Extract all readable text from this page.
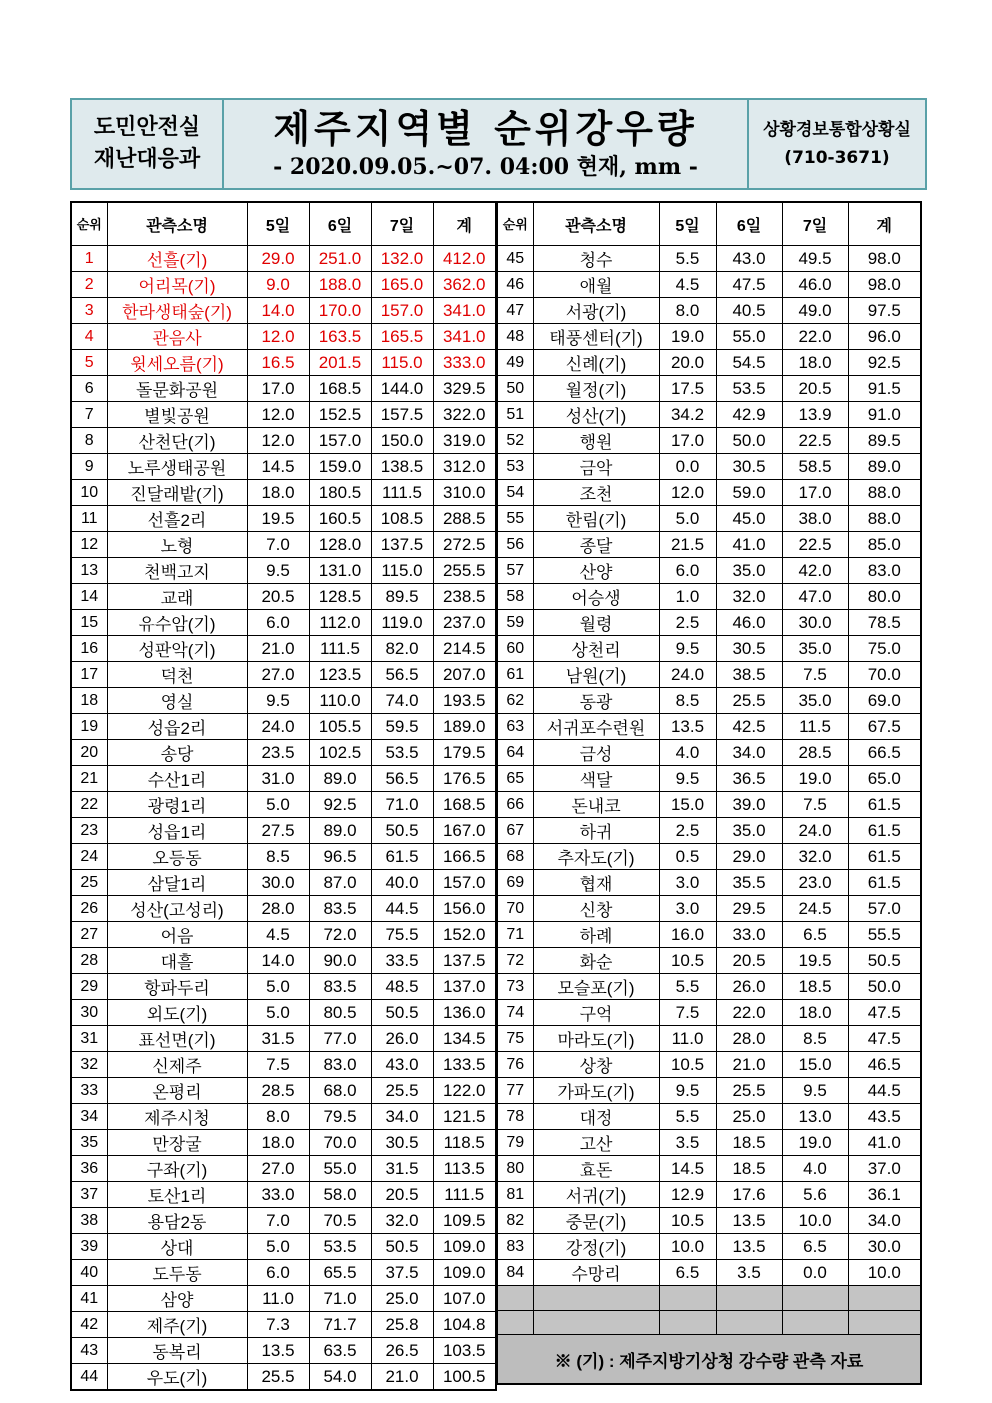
도민안전실
재난대응과
제주지역별 순위강우량
- 2020.09.05.~07. 04:00 현재, mm -
상황경보통합상황실
(710-3671)
순위	관측소명	5일	6일	7일	계
1	선흘(기)	29.0	251.0	132.0	412.0
2	어리목(기)	9.0	188.0	165.0	362.0
3	한라생태숲(기)	14.0	170.0	157.0	341.0
4	관음사	12.0	163.5	165.5	341.0
5	윗세오름(기)	16.5	201.5	115.0	333.0
6	돌문화공원	17.0	168.5	144.0	329.5
7	별빛공원	12.0	152.5	157.5	322.0
8	산천단(기)	12.0	157.0	150.0	319.0
9	노루생태공원	14.5	159.0	138.5	312.0
10	진달래밭(기)	18.0	180.5	111.5	310.0
11	선흘2리	19.5	160.5	108.5	288.5
12	노형	7.0	128.0	137.5	272.5
13	천백고지	9.5	131.0	115.0	255.5
14	교래	20.5	128.5	89.5	238.5
15	유수암(기)	6.0	112.0	119.0	237.0
16	성판악(기)	21.0	111.5	82.0	214.5
17	덕천	27.0	123.5	56.5	207.0
18	영실	9.5	110.0	74.0	193.5
19	성읍2리	24.0	105.5	59.5	189.0
20	송당	23.5	102.5	53.5	179.5
21	수산1리	31.0	89.0	56.5	176.5
22	광령1리	5.0	92.5	71.0	168.5
23	성읍1리	27.5	89.0	50.5	167.0
24	오등동	8.5	96.5	61.5	166.5
25	삼달1리	30.0	87.0	40.0	157.0
26	성산(고성리)	28.0	83.5	44.5	156.0
27	어음	4.5	72.0	75.5	152.0
28	대흘	14.0	90.0	33.5	137.5
29	항파두리	5.0	83.5	48.5	137.0
30	외도(기)	5.0	80.5	50.5	136.0
31	표선면(기)	31.5	77.0	26.0	134.5
32	신제주	7.5	83.0	43.0	133.5
33	온평리	28.5	68.0	25.5	122.0
34	제주시청	8.0	79.5	34.0	121.5
35	만장굴	18.0	70.0	30.5	118.5
36	구좌(기)	27.0	55.0	31.5	113.5
37	토산1리	33.0	58.0	20.5	111.5
38	용담2동	7.0	70.5	32.0	109.5
39	상대	5.0	53.5	50.5	109.0
40	도두동	6.0	65.5	37.5	109.0
41	삼양	11.0	71.0	25.0	107.0
42	제주(기)	7.3	71.7	25.8	104.8
43	동복리	13.5	63.5	26.5	103.5
44	우도(기)	25.5	54.0	21.0	100.5
순위	관측소명	5일	6일	7일	계
45	청수	5.5	43.0	49.5	98.0
46	애월	4.5	47.5	46.0	98.0
47	서광(기)	8.0	40.5	49.0	97.5
48	태풍센터(기)	19.0	55.0	22.0	96.0
49	신례(기)	20.0	54.5	18.0	92.5
50	월정(기)	17.5	53.5	20.5	91.5
51	성산(기)	34.2	42.9	13.9	91.0
52	행원	17.0	50.0	22.5	89.5
53	금악	0.0	30.5	58.5	89.0
54	조천	12.0	59.0	17.0	88.0
55	한림(기)	5.0	45.0	38.0	88.0
56	종달	21.5	41.0	22.5	85.0
57	산양	6.0	35.0	42.0	83.0
58	어승생	1.0	32.0	47.0	80.0
59	월령	2.5	46.0	30.0	78.5
60	상천리	9.5	30.5	35.0	75.0
61	남원(기)	24.0	38.5	7.5	70.0
62	동광	8.5	25.5	35.0	69.0
63	서귀포수련원	13.5	42.5	11.5	67.5
64	금성	4.0	34.0	28.5	66.5
65	색달	9.5	36.5	19.0	65.0
66	돈내코	15.0	39.0	7.5	61.5
67	하귀	2.5	35.0	24.0	61.5
68	추자도(기)	0.5	29.0	32.0	61.5
69	협재	3.0	35.5	23.0	61.5
70	신창	3.0	29.5	24.5	57.0
71	하례	16.0	33.0	6.5	55.5
72	화순	10.5	20.5	19.5	50.5
73	모슬포(기)	5.5	26.0	18.5	50.0
74	구억	7.5	22.0	18.0	47.5
75	마라도(기)	11.0	28.0	8.5	47.5
76	상창	10.5	21.0	15.0	46.5
77	가파도(기)	9.5	25.5	9.5	44.5
78	대정	5.5	25.0	13.0	43.5
79	고산	3.5	18.5	19.0	41.0
80	효돈	14.5	18.5	4.0	37.0
81	서귀(기)	12.9	17.6	5.6	36.1
82	중문(기)	10.5	13.5	10.0	34.0
83	강정(기)	10.0	13.5	6.5	30.0
84	수망리	6.5	3.5	0.0	10.0

※ (기) : 제주지방기상청 강수량 관측 자료					
